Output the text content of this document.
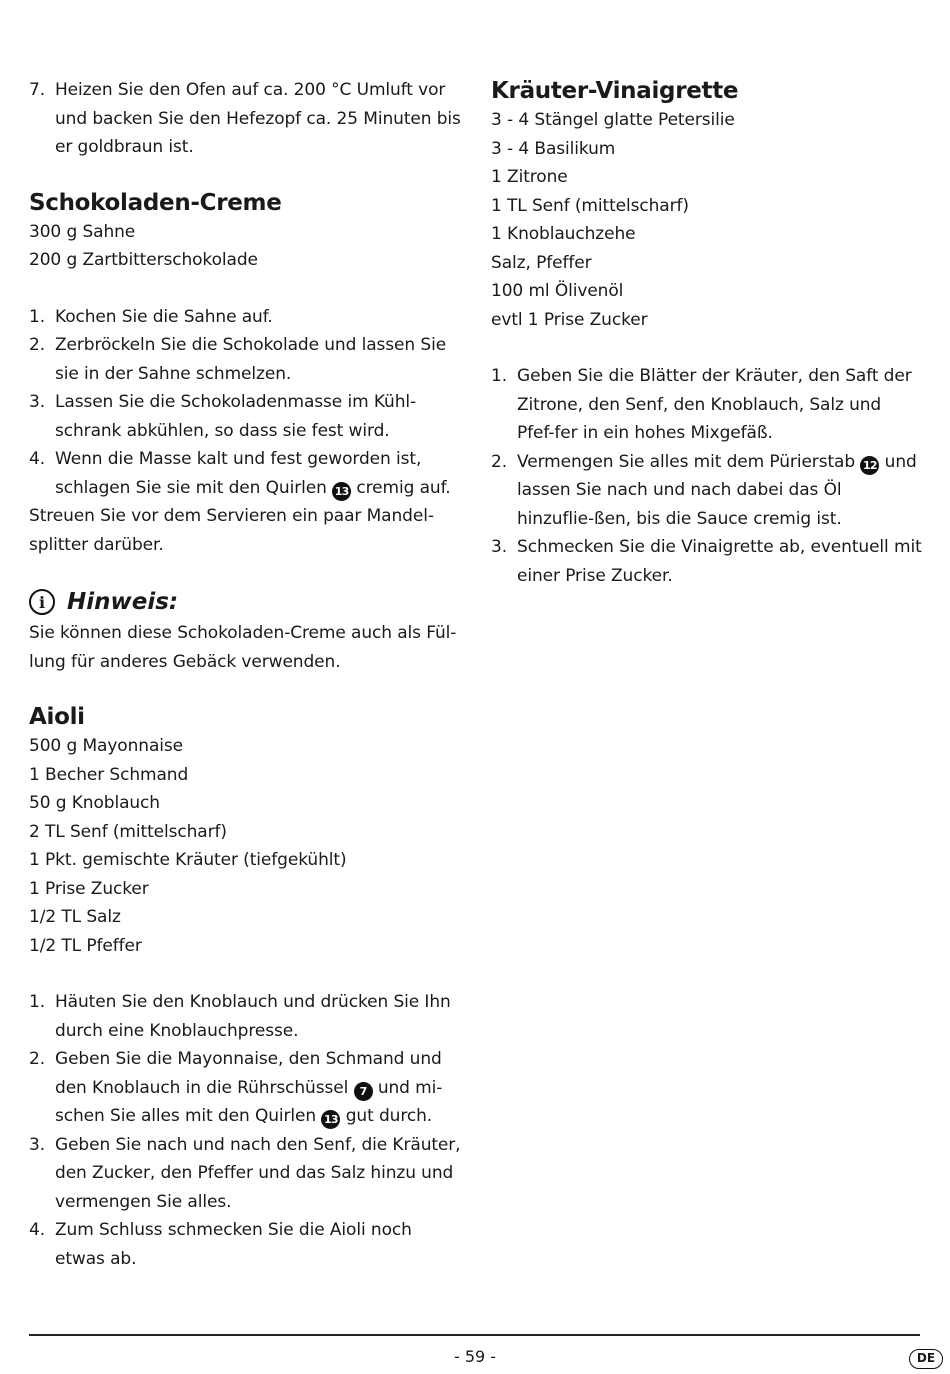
7. Heizen Sie den Ofen auf ca. 200 °C Umluft vor und backen Sie den Hefezopf ca. 25 Minuten bis er goldbraun ist.
Schokoladen-Creme
300 g Sahne
200 g Zartbitterschokolade
1. Kochen Sie die Sahne auf.
2. Zerbröckeln Sie die Schokolade und lassen Sie sie in der Sahne schmelzen.
3. Lassen Sie die Schokoladenmasse im Kühl-schrank abkühlen, so dass sie fest wird.
4. Wenn die Masse kalt und fest geworden ist, schlagen Sie sie mit den Quirlen 13 cremig auf.
Streuen Sie vor dem Servieren ein paar Mandel-splitter darüber.
i Hinweis:
Sie können diese Schokoladen-Creme auch als Fül-lung für anderes Gebäck verwenden.
Aioli
500 g Mayonnaise
1 Becher Schmand
50 g Knoblauch
2 TL Senf (mittelscharf)
1 Pkt. gemischte Kräuter (tiefgekühlt)
1 Prise Zucker
1/2 TL Salz
1/2 TL Pfeffer
1. Häuten Sie den Knoblauch und drücken Sie Ihn durch eine Knoblauchpresse.
2. Geben Sie die Mayonnaise, den Schmand und den Knoblauch in die Rührschüssel 7 und mi-schen Sie alles mit den Quirlen 13 gut durch.
3. Geben Sie nach und nach den Senf, die Kräuter, den Zucker, den Pfeffer und das Salz hinzu und vermengen Sie alles.
4. Zum Schluss schmecken Sie die Aioli noch etwas ab.
Kräuter-Vinaigrette
3 - 4 Stängel glatte Petersilie
3 - 4 Basilikum
1 Zitrone
1 TL Senf (mittelscharf)
1 Knoblauchzehe
Salz, Pfeffer
100 ml Ölivenöl
evtl 1 Prise Zucker
1. Geben Sie die Blätter der Kräuter, den Saft der Zitrone, den Senf, den Knoblauch, Salz und Pfef-fer in ein hohes Mixgefäß.
2. Vermengen Sie alles mit dem Pürierstab 12 und lassen Sie nach und nach dabei das Öl hinzuflie-ßen, bis die Sauce cremig ist.
3. Schmecken Sie die Vinaigrette ab, eventuell mit einer Prise Zucker.
- 59 -	DE
